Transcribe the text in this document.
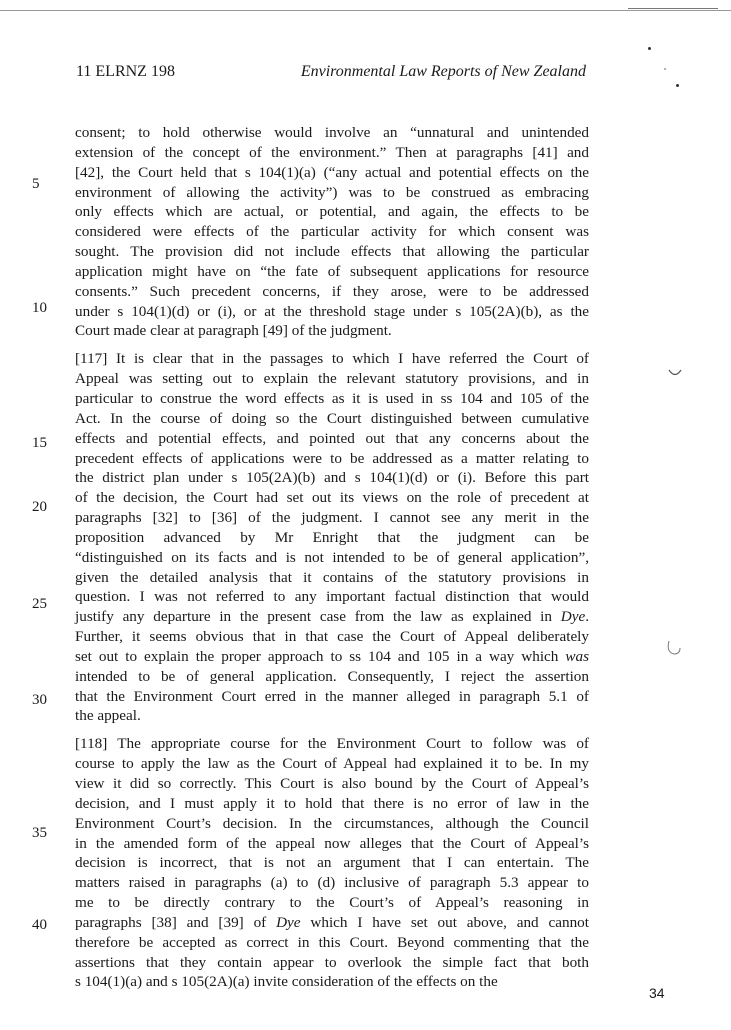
11 ELRNZ 198	Environmental Law Reports of New Zealand
5
10
15
20
25
30
35
40
consent; to hold otherwise would involve an “unnatural and unintended
extension of the concept of the environment.” Then at paragraphs [41] and
[42], the Court held that s 104(1)(a) (“any actual and potential effects on the
environment of allowing the activity”) was to be construed as embracing
only effects which are actual, or potential, and again, the effects to be
considered were effects of the particular activity for which consent was
sought. The provision did not include effects that allowing the particular
application might have on “the fate of subsequent applications for resource
consents.” Such precedent concerns, if they arose, were to be addressed
under s 104(1)(d) or (i), or at the threshold stage under s 105(2A)(b), as the
Court made clear at paragraph [49] of the judgment.
[117] It is clear that in the passages to which I have referred the Court of
Appeal was setting out to explain the relevant statutory provisions, and in
particular to construe the word effects as it is used in ss 104 and 105 of the
Act. In the course of doing so the Court distinguished between cumulative
effects and potential effects, and pointed out that any concerns about the
precedent effects of applications were to be addressed as a matter relating to
the district plan under s 105(2A)(b) and s 104(1)(d) or (i). Before this part
of the decision, the Court had set out its views on the role of precedent at
paragraphs [32] to [36] of the judgment. I cannot see any merit in the
proposition advanced by Mr Enright that the judgment can be
“distinguished on its facts and is not intended to be of general application”,
given the detailed analysis that it contains of the statutory provisions in
question. I was not referred to any important factual distinction that would
justify any departure in the present case from the law as explained in Dye.
Further, it seems obvious that in that case the Court of Appeal deliberately
set out to explain the proper approach to ss 104 and 105 in a way which was
intended to be of general application. Consequently, I reject the assertion
that the Environment Court erred in the manner alleged in paragraph 5.1 of
the appeal.
[118] The appropriate course for the Environment Court to follow was of
course to apply the law as the Court of Appeal had explained it to be. In my
view it did so correctly. This Court is also bound by the Court of Appeal’s
decision, and I must apply it to hold that there is no error of law in the
Environment Court’s decision. In the circumstances, although the Council
in the amended form of the appeal now alleges that the Court of Appeal’s
decision is incorrect, that is not an argument that I can entertain. The
matters raised in paragraphs (a) to (d) inclusive of paragraph 5.3 appear to
me to be directly contrary to the Court’s of Appeal’s reasoning in
paragraphs [38] and [39] of Dye which I have set out above, and cannot
therefore be accepted as correct in this Court. Beyond commenting that the
assertions that they contain appear to overlook the simple fact that both
s 104(1)(a) and s 105(2A)(a) invite consideration of the effects on the
34
